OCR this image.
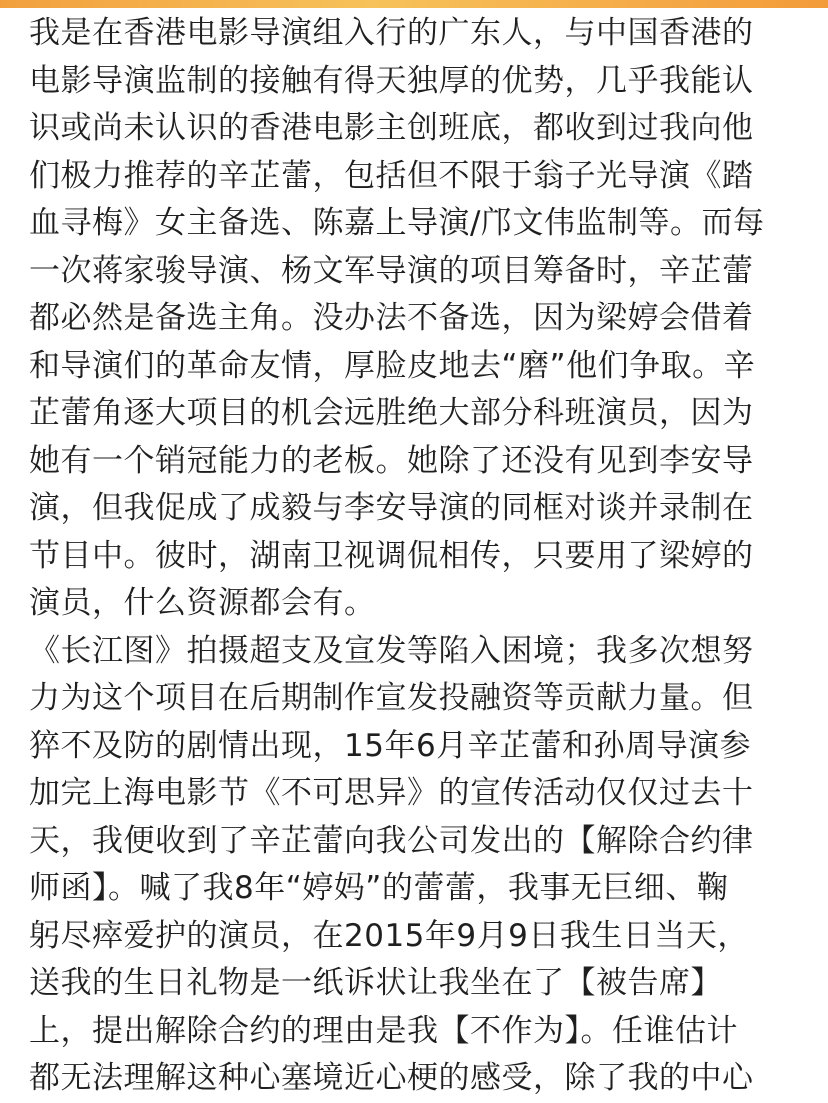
我是在香港电影导演组入行的广东人，与中国香港的
电影导演监制的接触有得天独厚的优势，几乎我能认
识或尚未认识的香港电影主创班底，都收到过我向他
们极力推荐的辛芷蕾，包括但不限于翁子光导演《踏
血寻梅》女主备选、陈嘉上导演/邝文伟监制等。而每
一次蒋家骏导演、杨文军导演的项目筹备时，辛芷蕾
都必然是备选主角。没办法不备选，因为梁婷会借着
和导演们的革命友情，厚脸皮地去“磨”他们争取。辛
芷蕾角逐大项目的机会远胜绝大部分科班演员，因为
她有一个销冠能力的老板。她除了还没有见到李安导
演，但我促成了成毅与李安导演的同框对谈并录制在
节目中。彼时，湖南卫视调侃相传，只要用了梁婷的
演员，什么资源都会有。
《长江图》拍摄超支及宣发等陷入困境；我多次想努
力为这个项目在后期制作宣发投融资等贡献力量。但
猝不及防的剧情出现，15年6月辛芷蕾和孙周导演参
加完上海电影节《不可思异》的宣传活动仅仅过去十
天，我便收到了辛芷蕾向我公司发出的【解除合约律
师函】。喊了我8年“婷妈”的蕾蕾，我事无巨细、鞠
躬尽瘁爱护的演员，在2015年9月9日我生日当天，
送我的生日礼物是一纸诉状让我坐在了【被告席】
上，提出解除合约的理由是我【不作为】。任谁估计
都无法理解这种心塞境近心梗的感受，除了我的中心
